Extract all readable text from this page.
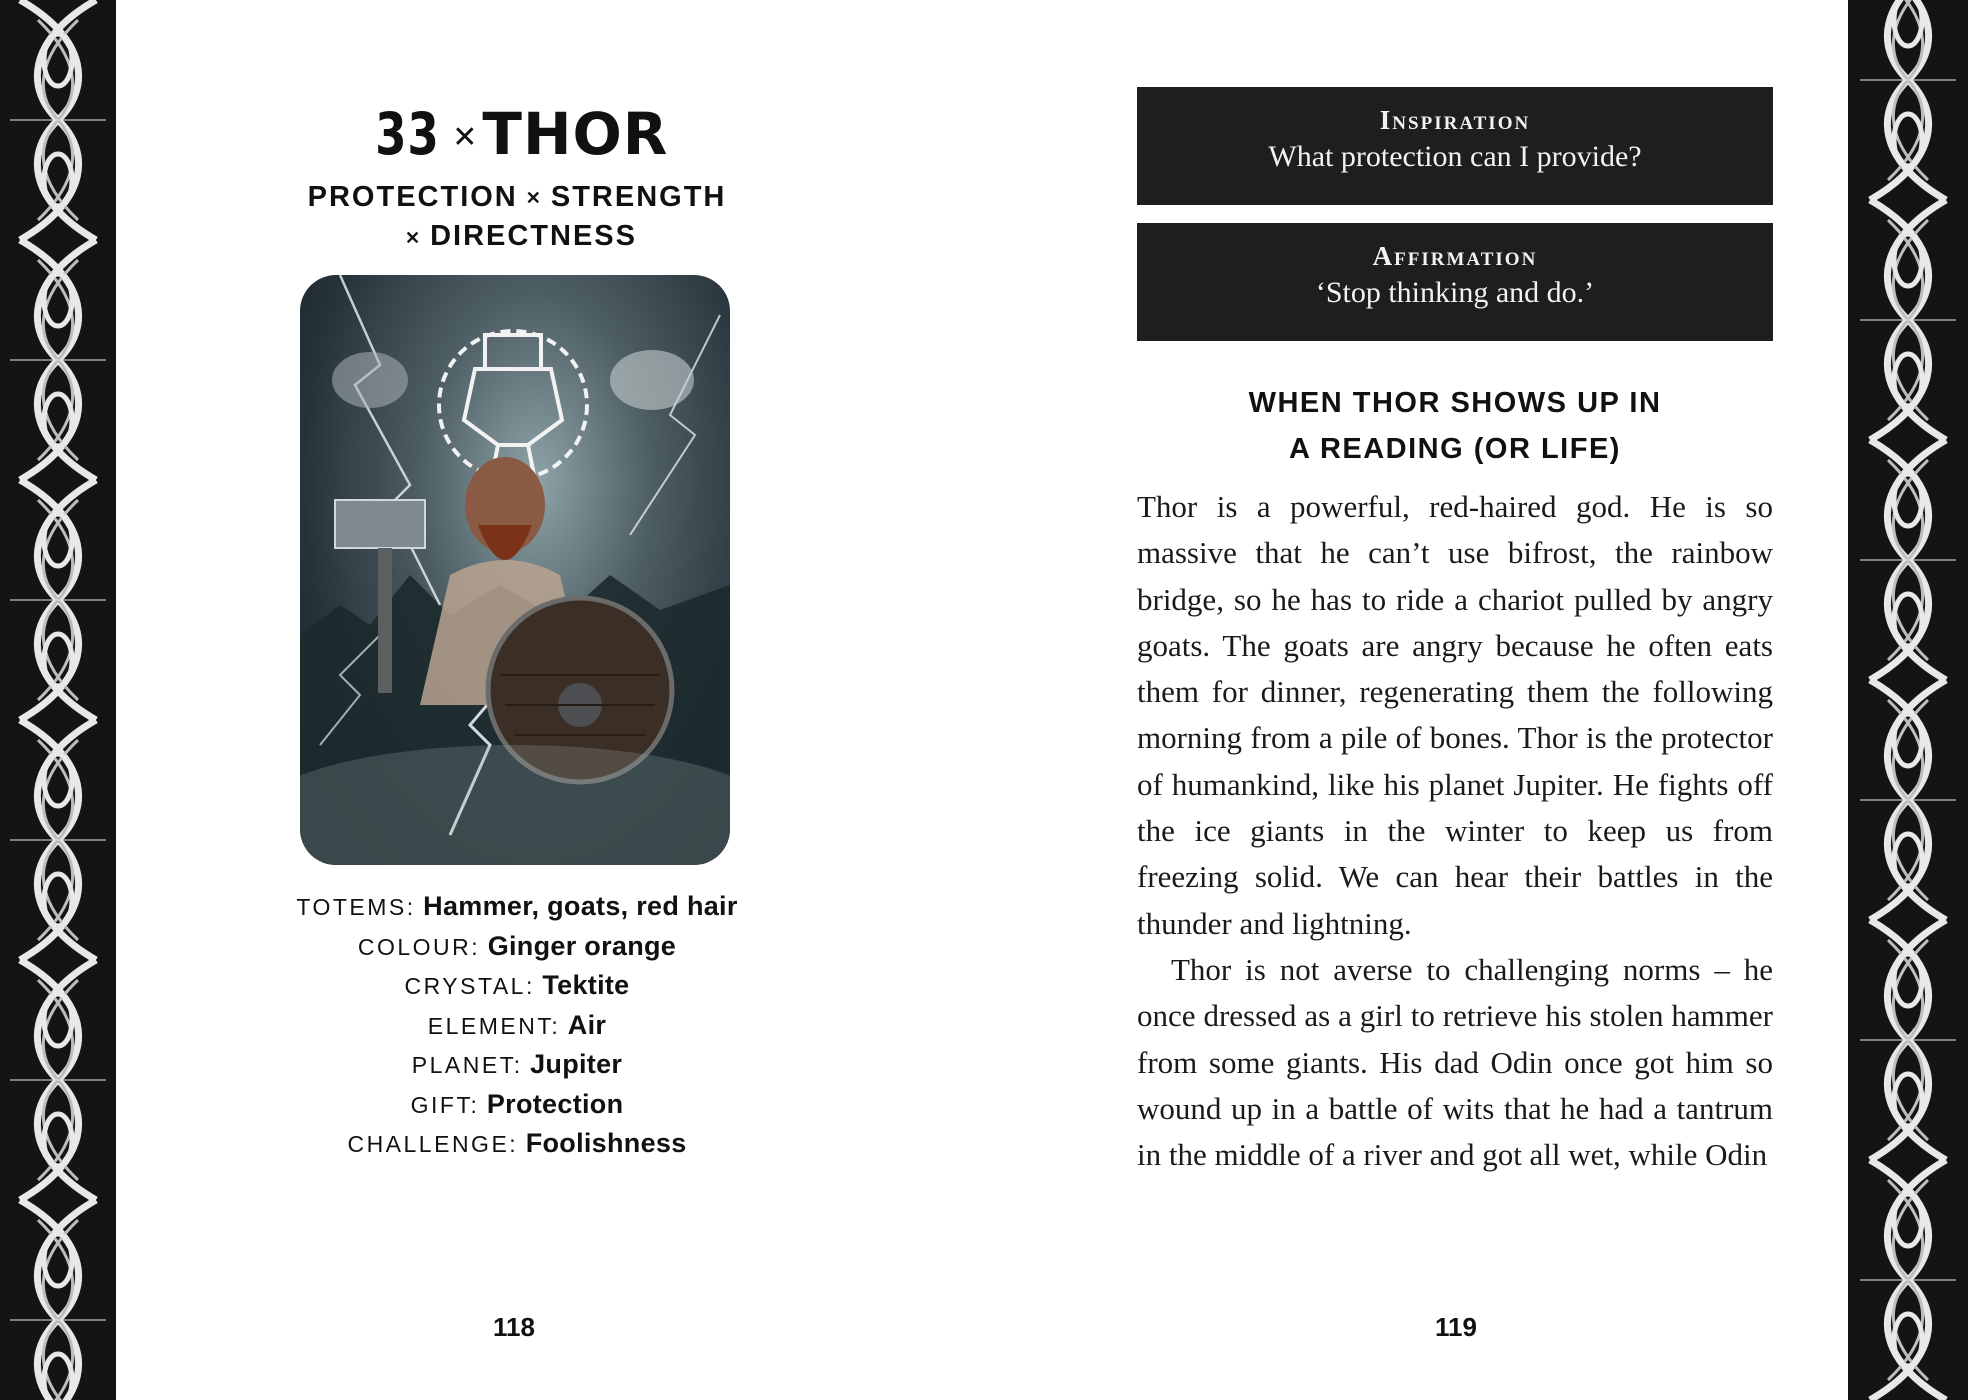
33 ✕THOR
PROTECTION ✕ STRENGTH
✕ DIRECTNESS
TOTEMS: Hammer, goats, red hair
COLOUR: Ginger orange
CRYSTAL: Tektite
ELEMENT: Air
PLANET: Jupiter
GIFT: Protection
CHALLENGE: Foolishness
118
Inspiration
What protection can I provide?
Affirmation
‘Stop thinking and do.’
WHEN THOR SHOWS UP IN
A READING (OR LIFE)

Thor is a powerful, red-haired god. He is so massive that he can’t use bifrost, the rainbow bridge, so he has to ride a chariot pulled by angry goats. The goats are angry because he often eats them for dinner, regenerating them the following morning from a pile of bones. Thor is the protector of humankind, like his planet Jupiter. He fights off the ice giants in the winter to keep us from freezing solid. We can hear their battles in the thunder and lightning.

Thor is not averse to challenging norms – he once dressed as a girl to retrieve his stolen hammer from some giants. His dad Odin once got him so wound up in a battle of wits that he had a tantrum in the middle of a river and got all wet, while Odin

119
